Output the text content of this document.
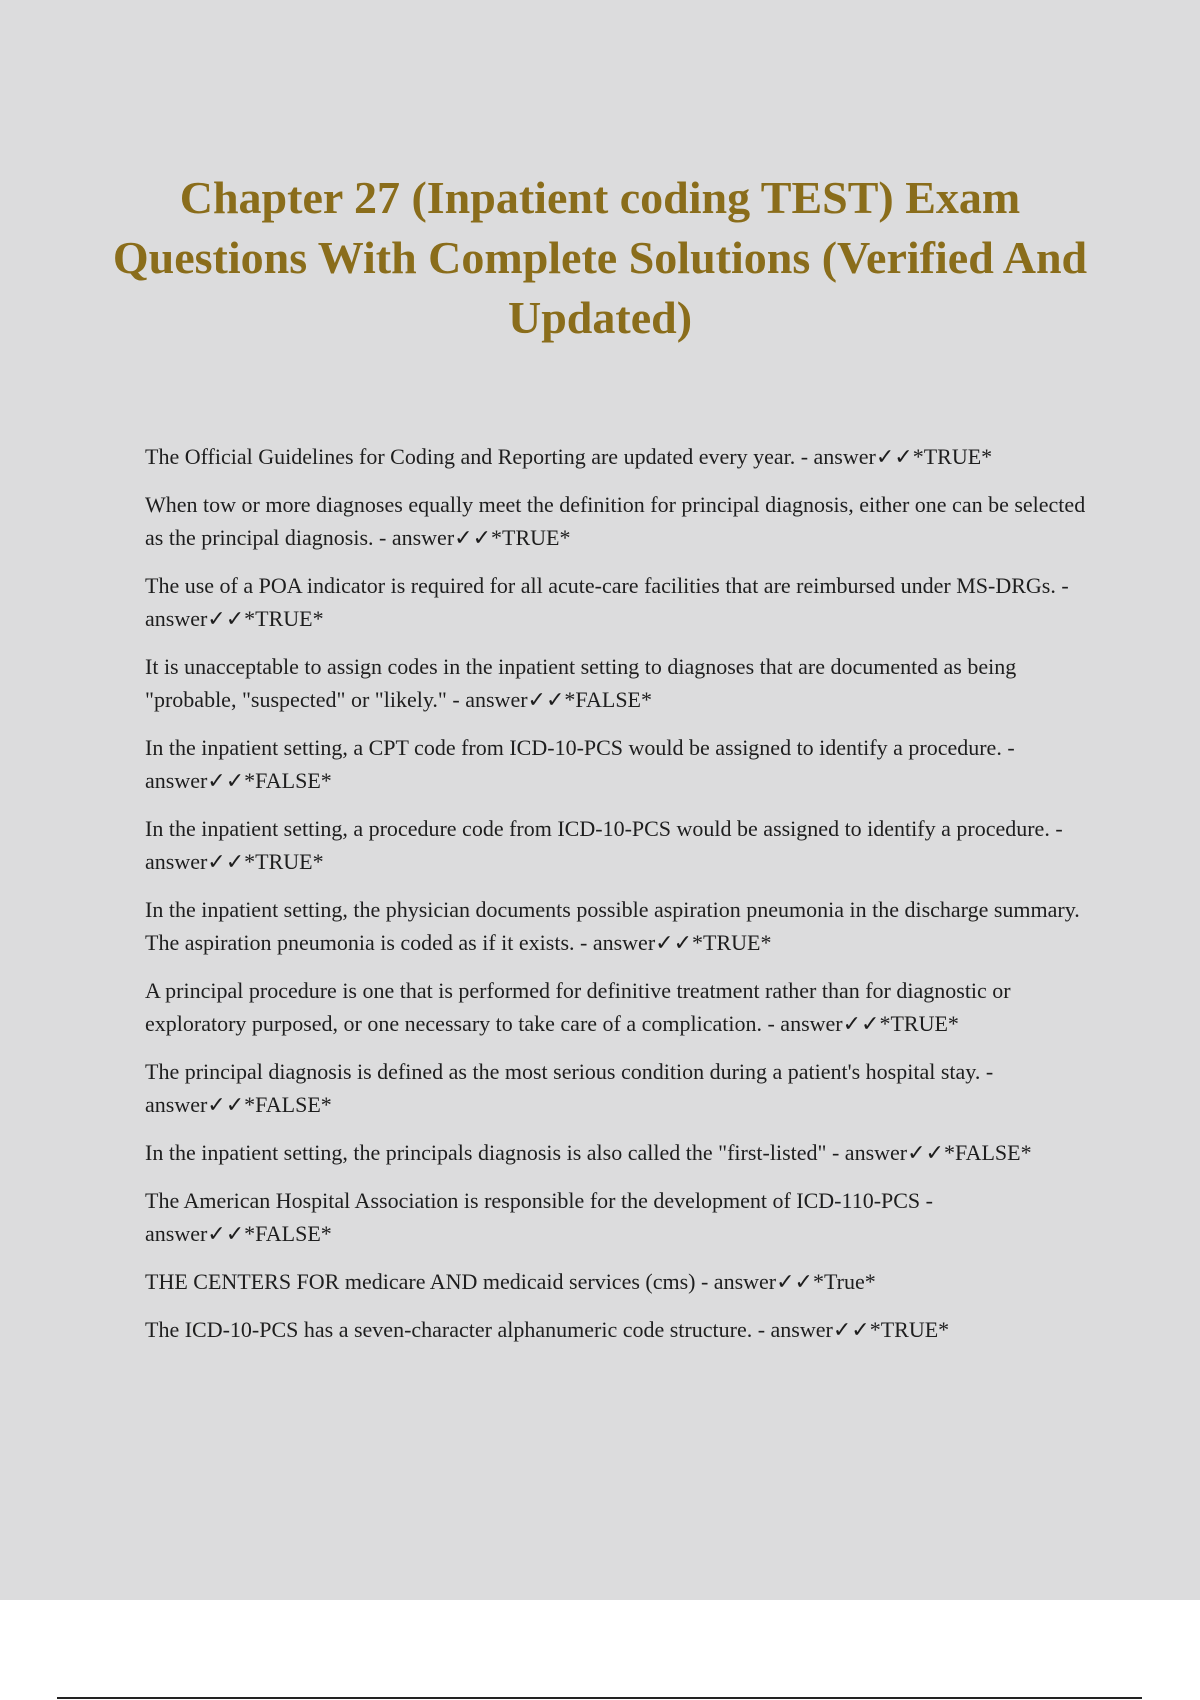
Chapter 27 (Inpatient coding TEST) Exam Questions With Complete Solutions (Verified And Updated)
The Official Guidelines for Coding and Reporting are updated every year. - answer✓✓*TRUE*
When tow or more diagnoses equally meet the definition for principal diagnosis, either one can be selected as the principal diagnosis. - answer✓✓*TRUE*
The use of a POA indicator is required for all acute-care facilities that are reimbursed under MS-DRGs. - answer✓✓*TRUE*
It is unacceptable to assign codes in the inpatient setting to diagnoses that are documented as being "probable, "suspected" or "likely." - answer✓✓*FALSE*
In the inpatient setting, a CPT code from ICD-10-PCS would be assigned to identify a procedure. - answer✓✓*FALSE*
In the inpatient setting, a procedure code from ICD-10-PCS would be assigned to identify a procedure. - answer✓✓*TRUE*
In the inpatient setting, the physician documents possible aspiration pneumonia in the discharge summary. The aspiration pneumonia is coded as if it exists. - answer✓✓*TRUE*
A principal procedure is one that is performed for definitive treatment rather than for diagnostic or exploratory purposed, or one necessary to take care of a complication. - answer✓✓*TRUE*
The principal diagnosis is defined as the most serious condition during a patient's hospital stay. - answer✓✓*FALSE*
In the inpatient setting, the principals diagnosis is also called the "first-listed" - answer✓✓*FALSE*
The American Hospital Association is responsible for the development of ICD-110-PCS - answer✓✓*FALSE*
THE CENTERS FOR medicare AND medicaid services (cms) - answer✓✓*True*
The ICD-10-PCS has a seven-character alphanumeric code structure. - answer✓✓*TRUE*
